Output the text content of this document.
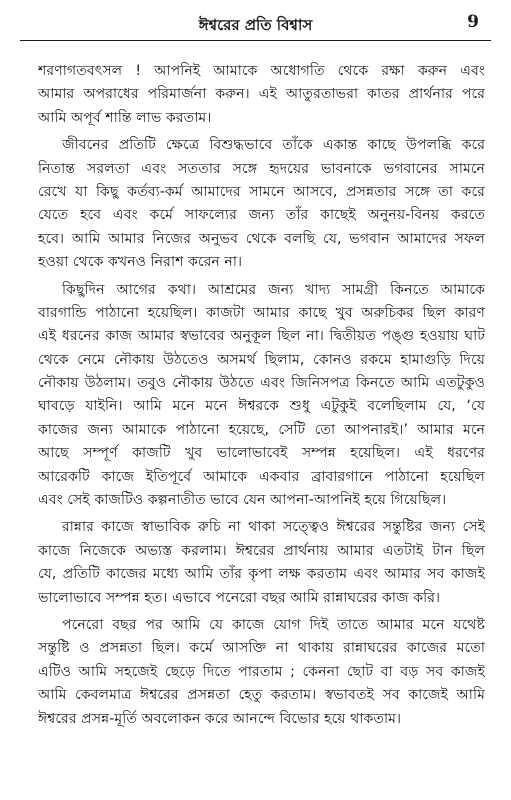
ঈশ্বরের প্রতি বিশ্বাস	9
শরণাগতবৎসল ! আপনিই আমাকে অধোগতি থেকে রক্ষা করুন এবং
আমার অপরাধের পরিমার্জনা করুন। এই আতুরতাভরা কাতর প্রার্থনার পরে
আমি অপূর্ব শান্তি লাভ করতাম।
জীবনের প্রতিটি ক্ষেত্রে বিশুদ্ধভাবে তাঁকে একান্ত কাছে উপলব্ধি করে
নিতান্ত সরলতা এবং সততার সঙ্গে হৃদয়ের ভাবনাকে ভগবানের সামনে
রেখে যা কিছু কর্তব্য-কর্ম আমাদের সামনে আসবে, প্রসন্নতার সঙ্গে তা করে
যেতে হবে এবং কর্মে সাফল্যের জন্য তাঁর কাছেই অনুনয়-বিনয় করতে
হবে। আমি আমার নিজের অনুভব থেকে বলছি যে, ভগবান আমাদের সফল
হওয়া থেকে কখনও নিরাশ করেন না।
কিছুদিন আগের কথা। আশ্রমের জন্য খাদ্য সামগ্রী কিনতে আমাকে
বারগান্ডি পাঠানো হয়েছিল। কাজটা আমার কাছে খুব অরুচিকর ছিল কারণ
এই ধরনের কাজ আমার স্বভাবের অনুকূল ছিল না। দ্বিতীয়ত পঙ্গু হওয়ায় ঘাট
থেকে নেমে নৌকায় উঠতেও অসমর্থ ছিলাম, কোনও রকমে হামাগুড়ি দিয়ে
নৌকায় উঠলাম। তবুও নৌকায় উঠতে এবং জিনিসপত্র কিনতে আমি এতটুকুও
ঘাবড়ে যাইনি। আমি মনে মনে ঈশ্বরকে শুধু এটুকুই বলেছিলাম যে, ‘যে
কাজের জন্য আমাকে পাঠানো হয়েছে, সেটি তো আপনারই।’ আমার মনে
আছে সম্পূর্ণ কাজটি খুব ভালোভাবেই সম্পন্ন হয়েছিল। এই ধরণের
আরেকটি কাজে ইতিপূর্বে আমাকে একবার ব্রাবারগানে পাঠানো হয়েছিল
এবং সেই কাজটিও কল্পনাতীত ভাবে যেন আপনা-আপনিই হয়ে গিয়েছিল।
রান্নার কাজে স্বাভাবিক রুচি না থাকা সত্ত্বেও ঈশ্বরের সন্তুষ্টির জন্য সেই
কাজে নিজেকে অভ্যস্ত করলাম। ঈশ্বরের প্রার্থনায় আমার এতটাই টান ছিল
যে, প্রতিটি কাজের মধ্যে আমি তাঁর কৃপা লক্ষ করতাম এবং আমার সব কাজই
ভালোভাবে সম্পন্ন হত। এভাবে পনেরো বছর আমি রান্নাঘরের কাজ করি।
পনেরো বছর পর আমি যে কাজে যোগ দিই তাতে আমার মনে যথেষ্ট
সন্তুষ্টি ও প্রসন্নতা ছিল। কর্মে আসক্তি না থাকায় রান্নাঘরের কাজের মতো
এটিও আমি সহজেই ছেড়ে দিতে পারতাম ; কেননা ছোট বা বড় সব কাজই
আমি কেবলমাত্র ঈশ্বরের প্রসন্নতা হেতু করতাম। স্বভাবতই সব কাজেই আমি
ঈশ্বরের প্রসন্ন-মূর্তি অবলোকন করে আনন্দে বিভোর হয়ে থাকতাম।
